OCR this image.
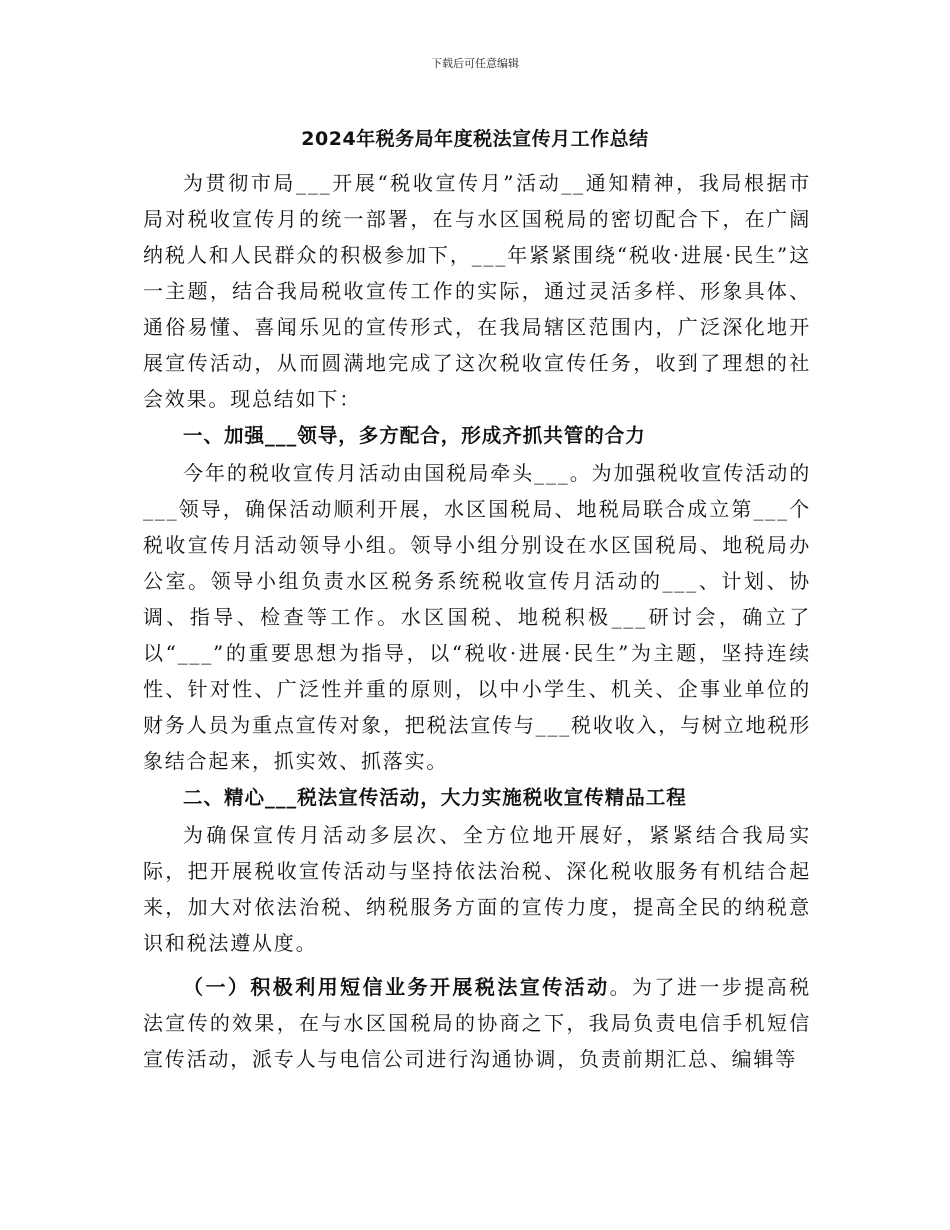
下载后可任意编辑
2024年税务局年度税法宣传月工作总结

为贯彻市局___开展“税收宣传月”活动__通知精神，我局根据市局对税收宣传月的统一部署，在与水区国税局的密切配合下，在广阔纳税人和人民群众的积极参加下，___年紧紧围绕“税收·进展·民生”这一主题，结合我局税收宣传工作的实际，通过灵活多样、形象具体、通俗易懂、喜闻乐见的宣传形式，在我局辖区范围内，广泛深化地开展宣传活动，从而圆满地完成了这次税收宣传任务，收到了理想的社会效果。现总结如下：

一、加强___领导，多方配合，形成齐抓共管的合力

今年的税收宣传月活动由国税局牵头___。为加强税收宣传活动的___领导，确保活动顺利开展，水区国税局、地税局联合成立第___个税收宣传月活动领导小组。领导小组分别设在水区国税局、地税局办公室。领导小组负责水区税务系统税收宣传月活动的___、计划、协调、指导、检查等工作。水区国税、地税积极___研讨会，确立了以“___”的重要思想为指导，以“税收·进展·民生”为主题，坚持连续性、针对性、广泛性并重的原则，以中小学生、机关、企事业单位的财务人员为重点宣传对象，把税法宣传与___税收收入，与树立地税形象结合起来，抓实效、抓落实。

二、精心___税法宣传活动，大力实施税收宣传精品工程

为确保宣传月活动多层次、全方位地开展好，紧紧结合我局实际，把开展税收宣传活动与坚持依法治税、深化税收服务有机结合起来，加大对依法治税、纳税服务方面的宣传力度，提高全民的纳税意识和税法遵从度。

（一）积极利用短信业务开展税法宣传活动。为了进一步提高税法宣传的效果，在与水区国税局的协商之下，我局负责电信手机短信宣传活动，派专人与电信公司进行沟通协调，负责前期汇总、编辑等
